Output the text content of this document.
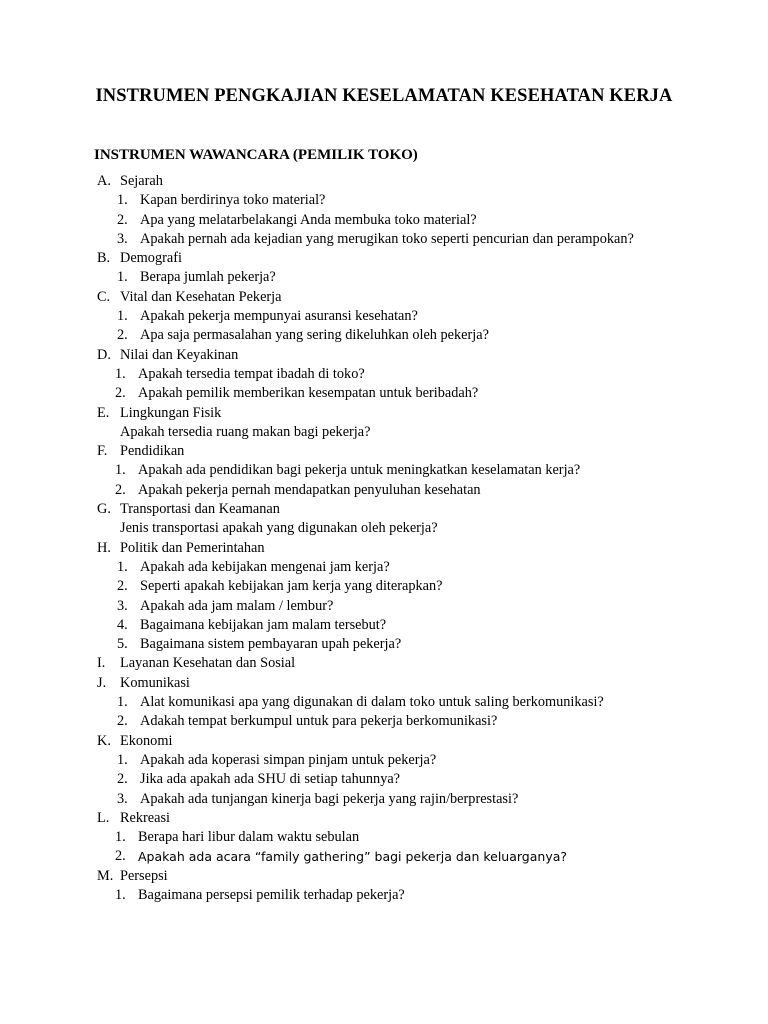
INSTRUMEN PENGKAJIAN KESELAMATAN KESEHATAN KERJA
INSTRUMEN WAWANCARA (PEMILIK TOKO)
A. Sejarah
1. Kapan berdirinya toko material?
2. Apa yang melatarbelakangi Anda membuka toko material?
3. Apakah pernah ada kejadian yang merugikan toko seperti pencurian dan perampokan?
B. Demografi
1. Berapa jumlah pekerja?
C. Vital dan Kesehatan Pekerja
1. Apakah pekerja mempunyai asuransi kesehatan?
2. Apa saja permasalahan yang sering dikeluhkan oleh pekerja?
D. Nilai dan Keyakinan
1. Apakah tersedia tempat ibadah di toko?
2. Apakah pemilik memberikan kesempatan untuk beribadah?
E. Lingkungan Fisik
Apakah tersedia ruang makan bagi pekerja?
F. Pendidikan
1. Apakah ada pendidikan bagi pekerja untuk meningkatkan keselamatan kerja?
2. Apakah pekerja pernah mendapatkan penyuluhan kesehatan
G. Transportasi dan Keamanan
Jenis transportasi apakah yang digunakan oleh pekerja?
H. Politik dan Pemerintahan
1. Apakah ada kebijakan mengenai jam kerja?
2. Seperti apakah kebijakan jam kerja yang diterapkan?
3. Apakah ada jam malam / lembur?
4. Bagaimana kebijakan jam malam tersebut?
5. Bagaimana sistem pembayaran upah pekerja?
I. Layanan Kesehatan dan Sosial
J. Komunikasi
1. Alat komunikasi apa yang digunakan di dalam toko untuk saling berkomunikasi?
2. Adakah tempat berkumpul untuk para pekerja berkomunikasi?
K. Ekonomi
1. Apakah ada koperasi simpan pinjam untuk pekerja?
2. Jika ada apakah ada SHU di setiap tahunnya?
3. Apakah ada tunjangan kinerja bagi pekerja yang rajin/berprestasi?
L. Rekreasi
1. Berapa hari libur dalam waktu sebulan
2. Apakah ada acara “family gathering” bagi pekerja dan keluarganya?
M. Persepsi
1. Bagaimana persepsi pemilik terhadap pekerja?
